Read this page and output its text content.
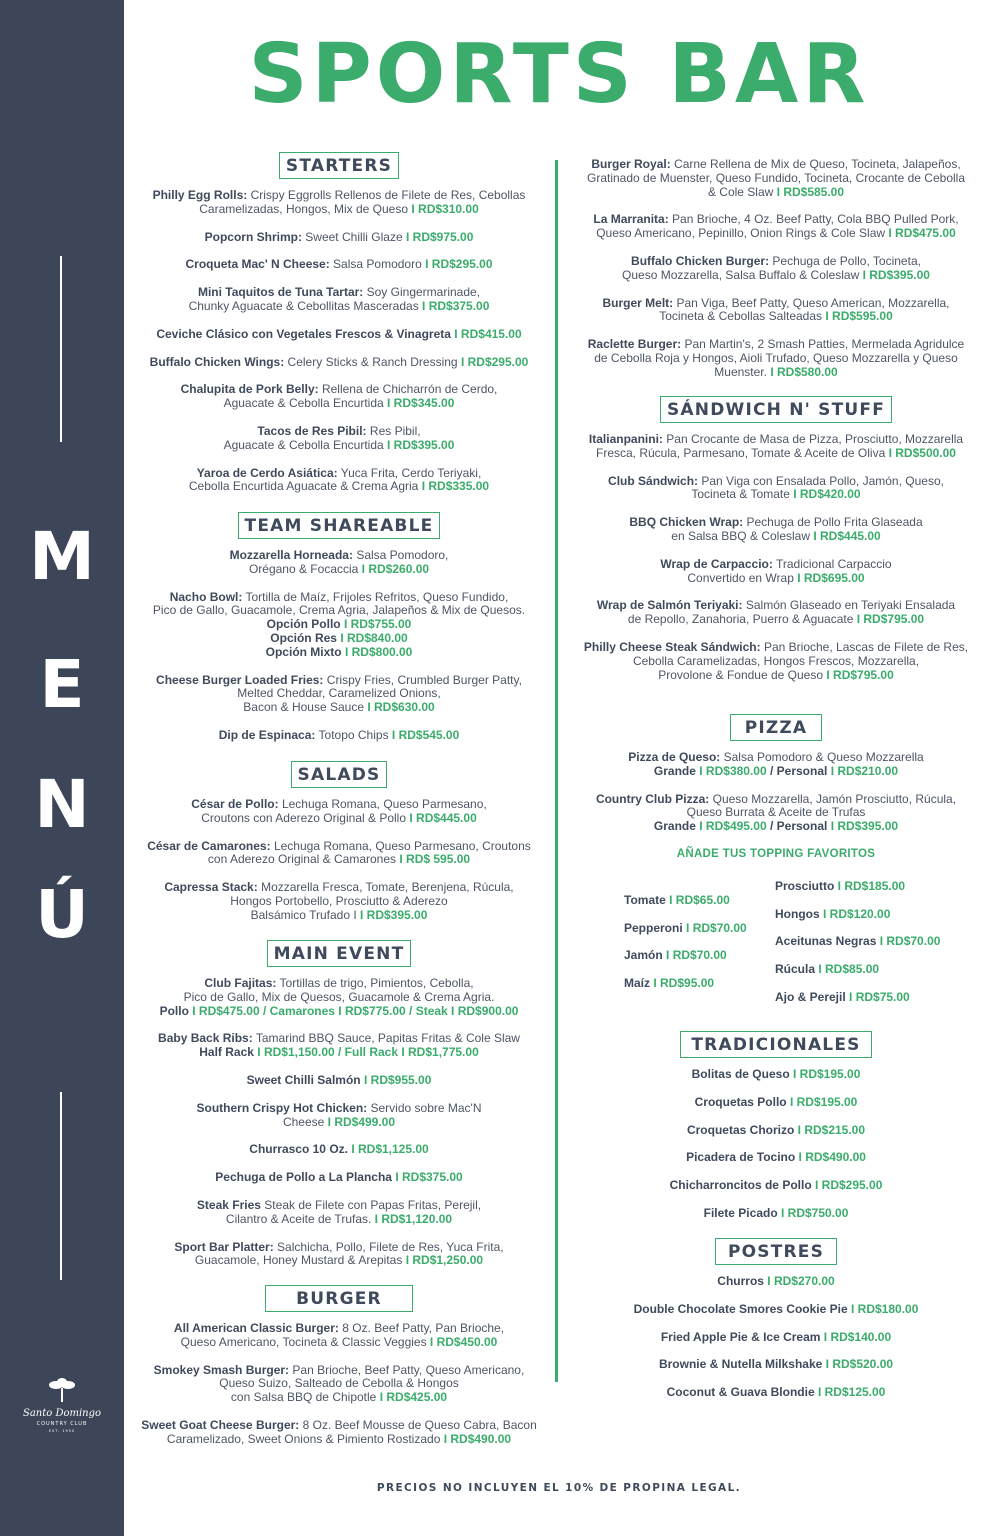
M
E
N
Ú
Santo Domingo
COUNTRY CLUB
EST. 1950
SPORTS BAR
STARTERS
Philly Egg Rolls: Crispy Eggrolls Rellenos de Filete de Res, Cebollas
Caramelizadas, Hongos, Mix de Queso I RD$310.00
Popcorn Shrimp: Sweet Chilli Glaze I RD$975.00
Croqueta Mac' N Cheese: Salsa Pomodoro I RD$295.00
Mini Taquitos de Tuna Tartar: Soy Gingermarinade,
Chunky Aguacate & Cebollitas Masceradas I RD$375.00
Ceviche Clásico con Vegetales Frescos & Vinagreta I RD$415.00
Buffalo Chicken Wings: Celery Sticks & Ranch Dressing I RD$295.00
Chalupita de Pork Belly: Rellena de Chicharrón de Cerdo,
Aguacate & Cebolla Encurtida I RD$345.00
Tacos de Res Pibil: Res Pibil,
Aguacate & Cebolla Encurtida I RD$395.00
Yaroa de Cerdo Asiática: Yuca Frita, Cerdo Teriyaki,
Cebolla Encurtida Aguacate & Crema Agria I RD$335.00
TEAM SHAREABLE
Mozzarella Horneada: Salsa Pomodoro,
Orégano & Focaccia I RD$260.00
Nacho Bowl: Tortilla de Maíz, Frijoles Refritos, Queso Fundido,
Pico de Gallo, Guacamole, Crema Agria, Jalapeños & Mix de Quesos.
Opción Pollo I RD$755.00
Opción Res I RD$840.00
Opción Mixto I RD$800.00
Cheese Burger Loaded Fries: Crispy Fries, Crumbled Burger Patty,
Melted Cheddar, Caramelized Onions,
Bacon & House Sauce I RD$630.00
Dip de Espinaca: Totopo Chips I RD$545.00
SALADS
César de Pollo: Lechuga Romana, Queso Parmesano,
Croutons con Aderezo Original & Pollo I RD$445.00
César de Camarones: Lechuga Romana, Queso Parmesano, Croutons
con Aderezo Original & Camarones I RD$ 595.00
Capressa Stack: Mozzarella Fresca, Tomate, Berenjena, Rúcula,
Hongos Portobello, Prosciutto & Aderezo
Balsámico Trufado I I RD$395.00
MAIN EVENT
Club Fajitas: Tortillas de trigo, Pimientos, Cebolla,
Pico de Gallo, Mix de Quesos, Guacamole & Crema Agria.
Pollo I RD$475.00 / Camarones I RD$775.00 / Steak I RD$900.00
Baby Back Ribs: Tamarind BBQ Sauce, Papitas Fritas & Cole Slaw
Half Rack I RD$1,150.00 / Full Rack I RD$1,775.00
Sweet Chilli Salmón I RD$955.00
Southern Crispy Hot Chicken: Servido sobre Mac'N
Cheese I RD$499.00
Churrasco 10 Oz. I RD$1,125.00
Pechuga de Pollo a La Plancha I RD$375.00
Steak Fries Steak de Filete con Papas Fritas, Perejil,
Cilantro & Aceite de Trufas. I RD$1,120.00
Sport Bar Platter: Salchicha, Pollo, Filete de Res, Yuca Frita,
Guacamole, Honey Mustard & Arepitas I RD$1,250.00
BURGER
All American Classic Burger: 8 Oz. Beef Patty, Pan Brioche,
Queso Americano, Tocineta & Classic Veggies I RD$450.00
Smokey Smash Burger: Pan Brioche, Beef Patty, Queso Americano,
Queso Suizo, Salteado de Cebolla & Hongos
con Salsa BBQ de Chipotle I RD$425.00
Sweet Goat Cheese Burger: 8 Oz. Beef Mousse de Queso Cabra, Bacon
Caramelizado, Sweet Onions & Pimiento Rostizado I RD$490.00
Burger Royal: Carne Rellena de Mix de Queso, Tocineta, Jalapeños,
Gratinado de Muenster, Queso Fundido, Tocineta, Crocante de Cebolla
& Cole Slaw I RD$585.00
La Marranita: Pan Brioche, 4 Oz. Beef Patty, Cola BBQ Pulled Pork,
Queso Americano, Pepinillo, Onion Rings & Cole Slaw I RD$475.00
Buffalo Chicken Burger: Pechuga de Pollo, Tocineta,
Queso Mozzarella, Salsa Buffalo & Coleslaw I RD$395.00
Burger Melt: Pan Viga, Beef Patty, Queso American, Mozzarella,
Tocineta & Cebollas Salteadas I RD$595.00
Raclette Burger: Pan Martin's, 2 Smash Patties, Mermelada Agridulce
de Cebolla Roja y Hongos, Aioli Trufado, Queso Mozzarella y Queso
Muenster. I RD$580.00
SÁNDWICH N' STUFF
Italianpanini: Pan Crocante de Masa de Pizza, Prosciutto, Mozzarella
Fresca, Rúcula, Parmesano, Tomate & Aceite de Oliva I RD$500.00
Club Sándwich: Pan Viga con Ensalada Pollo, Jamón, Queso,
Tocineta & Tomate I RD$420.00
BBQ Chicken Wrap: Pechuga de Pollo Frita Glaseada
en Salsa BBQ & Coleslaw I RD$445.00
Wrap de Carpaccio: Tradicional Carpaccio
Convertido en Wrap I RD$695.00
Wrap de Salmón Teriyaki: Salmón Glaseado en Teriyaki Ensalada
de Repollo, Zanahoria, Puerro & Aguacate I RD$795.00
Philly Cheese Steak Sándwich: Pan Brioche, Lascas de Filete de Res,
Cebolla Caramelizadas, Hongos Frescos, Mozzarella,
Provolone & Fondue de Queso I RD$795.00
PIZZA
Pizza de Queso: Salsa Pomodoro & Queso Mozzarella
Grande I RD$380.00 / Personal I RD$210.00
Country Club Pizza: Queso Mozzarella, Jamón Prosciutto, Rúcula,
Queso Burrata & Aceite de Trufas
Grande I RD$495.00 / Personal I RD$395.00
AÑADE TUS TOPPING FAVORITOS
Tomate I RD$65.00
Pepperoni I RD$70.00
Jamón I RD$70.00
Maíz I RD$95.00
Prosciutto I RD$185.00
Hongos I RD$120.00
Aceitunas Negras I RD$70.00
Rúcula I RD$85.00
Ajo & Perejil I RD$75.00
TRADICIONALES
Bolitas de Queso I RD$195.00
Croquetas Pollo I RD$195.00
Croquetas Chorizo I RD$215.00
Picadera de Tocino I RD$490.00
Chicharroncitos de Pollo I RD$295.00
Filete Picado I RD$750.00
POSTRES
Churros I RD$270.00
Double Chocolate Smores Cookie Pie I RD$180.00
Fried Apple Pie & Ice Cream I RD$140.00
Brownie & Nutella Milkshake I RD$520.00
Coconut & Guava Blondie I RD$125.00
PRECIOS NO INCLUYEN EL 10% DE PROPINA LEGAL.
